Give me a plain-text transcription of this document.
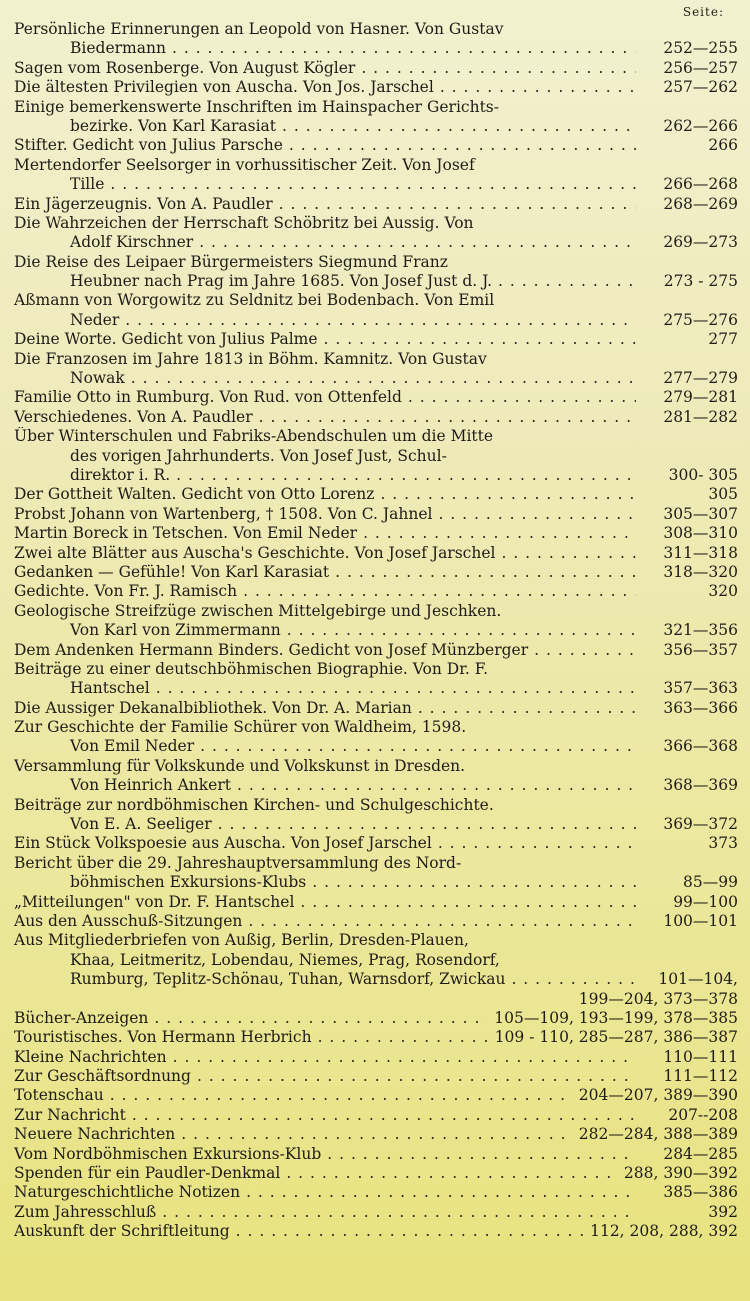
Seite:
Persönliche Erinnerungen an Leopold von Hasner. Von Gustav
Biedermann . . .	252—255
Sagen vom Rosenberge. Von August Kögler . . .	256—257
Die ältesten Privilegien von Auscha. Von Jos. Jarschel . . .	257—262
Einige bemerkenswerte Inschriften im Hainspacher Gerichts-
bezirke. Von Karl Karasiat . . .	262—266
Stifter. Gedicht von Julius Parsche . . .	266
Mertendorfer Seelsorger in vorhussitischer Zeit. Von Josef
Tille . . .	266—268
Ein Jägerzeugnis. Von A. Paudler . . .	268—269
Die Wahrzeichen der Herrschaft Schöbritz bei Aussig. Von
Adolf Kirschner . . .	269—273
Die Reise des Leipaer Bürgermeisters Siegmund Franz
Heubner nach Prag im Jahre 1685. Von Josef Just d. J. . . .	273 - 275
Aßmann von Worgowitz zu Seldnitz bei Bodenbach. Von Emil
Neder . . .	275—276
Deine Worte. Gedicht von Julius Palme . . .	277
Die Franzosen im Jahre 1813 in Böhm. Kamnitz. Von Gustav
Nowak . . .	277—279
Familie Otto in Rumburg. Von Rud. von Ottenfeld . . .	279—281
Verschiedenes. Von A. Paudler . . .	281—282
Über Winterschulen und Fabriks-Abendschulen um die Mitte
des vorigen Jahrhunderts. Von Josef Just, Schul-
direktor i. R. . . .	300- 305
Der Gottheit Walten. Gedicht von Otto Lorenz . . .	305
Probst Johann von Wartenberg, † 1508. Von C. Jahnel . . .	305—307
Martin Boreck in Tetschen. Von Emil Neder . . .	308—310
Zwei alte Blätter aus Auscha's Geschichte. Von Josef Jarschel . . .	311—318
Gedanken — Gefühle! Von Karl Karasiat . . .	318—320
Gedichte. Von Fr. J. Ramisch . . .	320
Geologische Streifzüge zwischen Mittelgebirge und Jeschken.
Von Karl von Zimmermann . . .	321—356
Dem Andenken Hermann Binders. Gedicht von Josef Münzberger . . .	356—357
Beiträge zu einer deutschböhmischen Biographie. Von Dr. F.
Hantschel . . .	357—363
Die Aussiger Dekanalbibliothek. Von Dr. A. Marian . . .	363—366
Zur Geschichte der Familie Schürer von Waldheim, 1598.
Von Emil Neder . . .	366—368
Versammlung für Volkskunde und Volkskunst in Dresden.
Von Heinrich Ankert . . .	368—369
Beiträge zur nordböhmischen Kirchen- und Schulgeschichte.
Von E. A. Seeliger . . .	369—372
Ein Stück Volkspoesie aus Auscha. Von Josef Jarschel . . .	373
Bericht über die 29. Jahreshauptversammlung des Nord-
böhmischen Exkursions-Klubs . . .	85—99
„Mitteilungen" von Dr. F. Hantschel . . .	99—100
Aus den Ausschuß-Sitzungen . . .	100—101
Aus Mitgliederbriefen von Außig, Berlin, Dresden-Plauen,
Khaa, Leitmeritz, Lobendau, Niemes, Prag, Rosendorf,
Rumburg, Teplitz-Schönau, Tuhan, Warnsdorf, Zwickau . . .	101—104,
199—204, 373—378
Bücher-Anzeigen . . .	105—109, 193—199, 378—385
Touristisches. Von Hermann Herbrich . . .	109 - 110, 285—287, 386—387
Kleine Nachrichten . . .	110—111
Zur Geschäftsordnung . . .	111—112
Totenschau . . .	204—207, 389—390
Zur Nachricht . . .	207--208
Neuere Nachrichten . . .	282—284, 388—389
Vom Nordböhmischen Exkursions-Klub . . .	284—285
Spenden für ein Paudler-Denkmal . . .	288, 390—392
Naturgeschichtliche Notizen . . .	385—386
Zum Jahresschluß . . .	392
Auskunft der Schriftleitung . . .	112, 208, 288, 392
